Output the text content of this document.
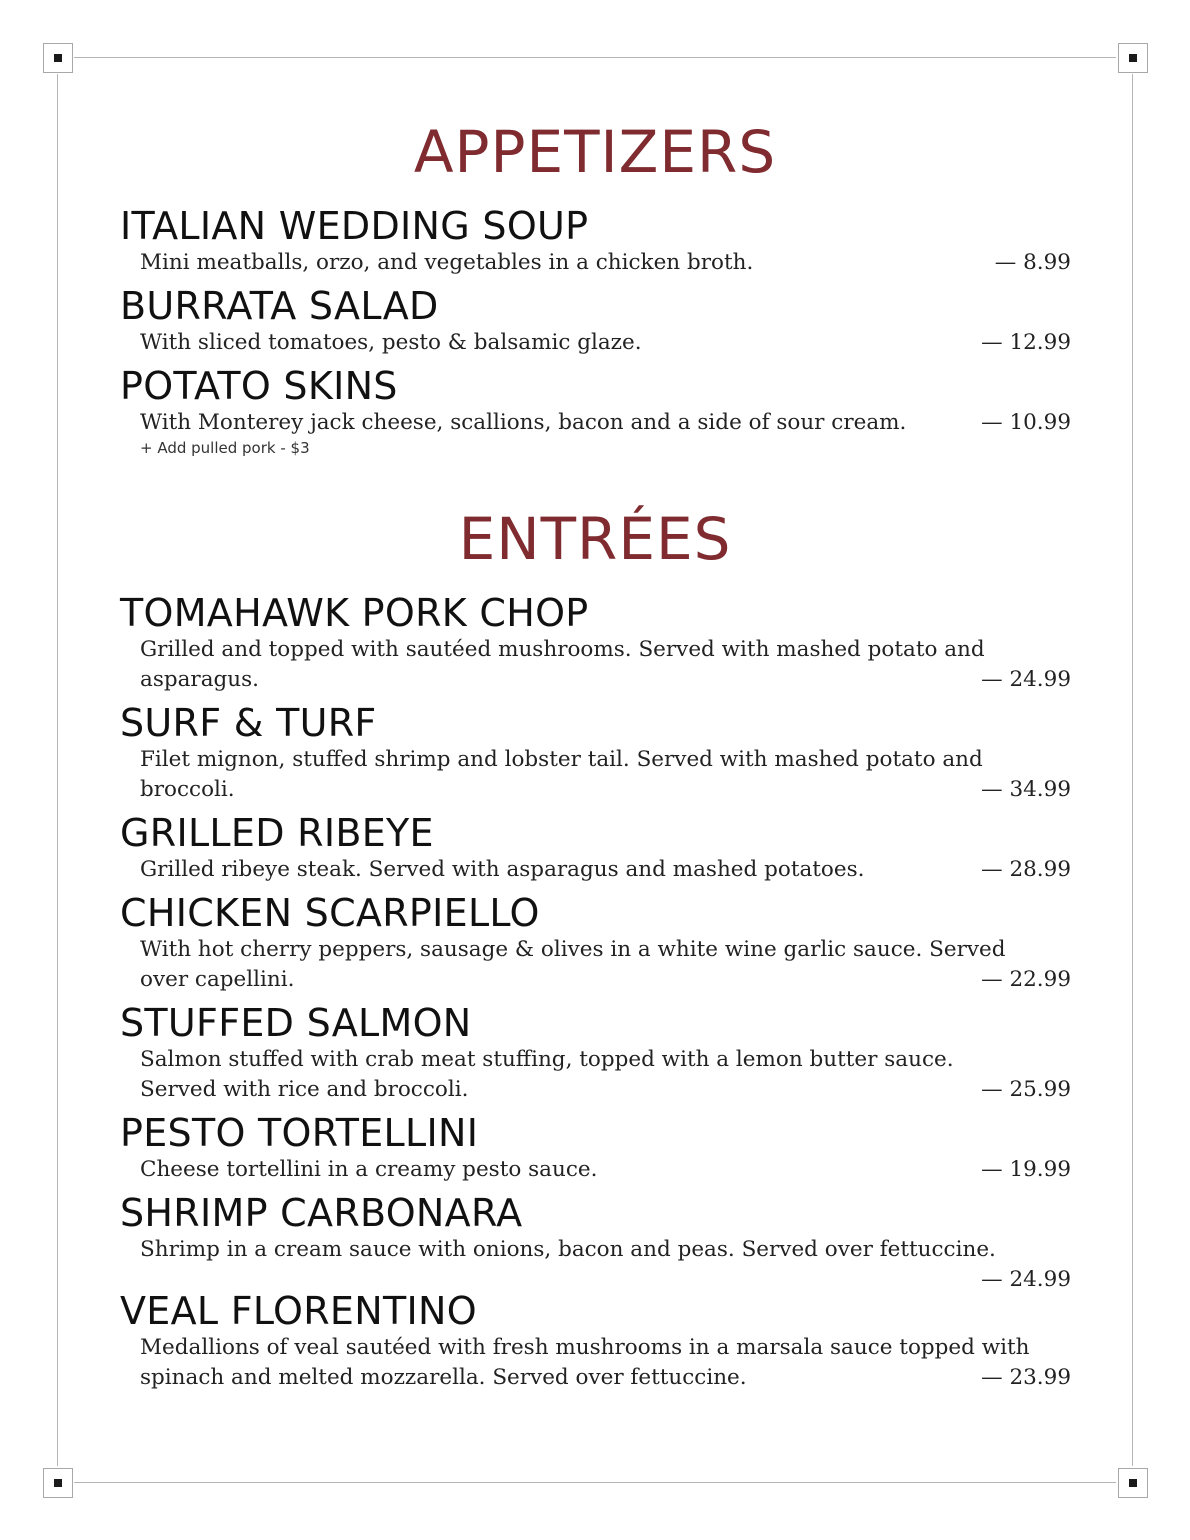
APPETIZERS
ITALIAN WEDDING SOUP
Mini meatballs, orzo, and vegetables in a chicken broth.	— 8.99
BURRATA SALAD
With sliced tomatoes, pesto & balsamic glaze.	— 12.99
POTATO SKINS
With Monterey jack cheese, scallions, bacon and a side of sour cream.	— 10.99
+ Add pulled pork - $3
ENTRÉES
TOMAHAWK PORK CHOP
Grilled and topped with sautéed mushrooms. Served with mashed potato and asparagus.	— 24.99
SURF & TURF
Filet mignon, stuffed shrimp and lobster tail. Served with mashed potato and broccoli.	— 34.99
GRILLED RIBEYE
Grilled ribeye steak. Served with asparagus and mashed potatoes.	— 28.99
CHICKEN SCARPIELLO
With hot cherry peppers, sausage & olives in a white wine garlic sauce. Served over capellini.	— 22.99
STUFFED SALMON
Salmon stuffed with crab meat stuffing, topped with a lemon butter sauce. Served with rice and broccoli.	— 25.99
PESTO TORTELLINI
Cheese tortellini in a creamy pesto sauce.	— 19.99
SHRIMP CARBONARA
Shrimp in a cream sauce with onions, bacon and peas. Served over fettuccine.
— 24.99
VEAL FLORENTINO
Medallions of veal sautéed with fresh mushrooms in a marsala sauce topped with spinach and melted mozzarella. Served over fettuccine.	— 23.99
